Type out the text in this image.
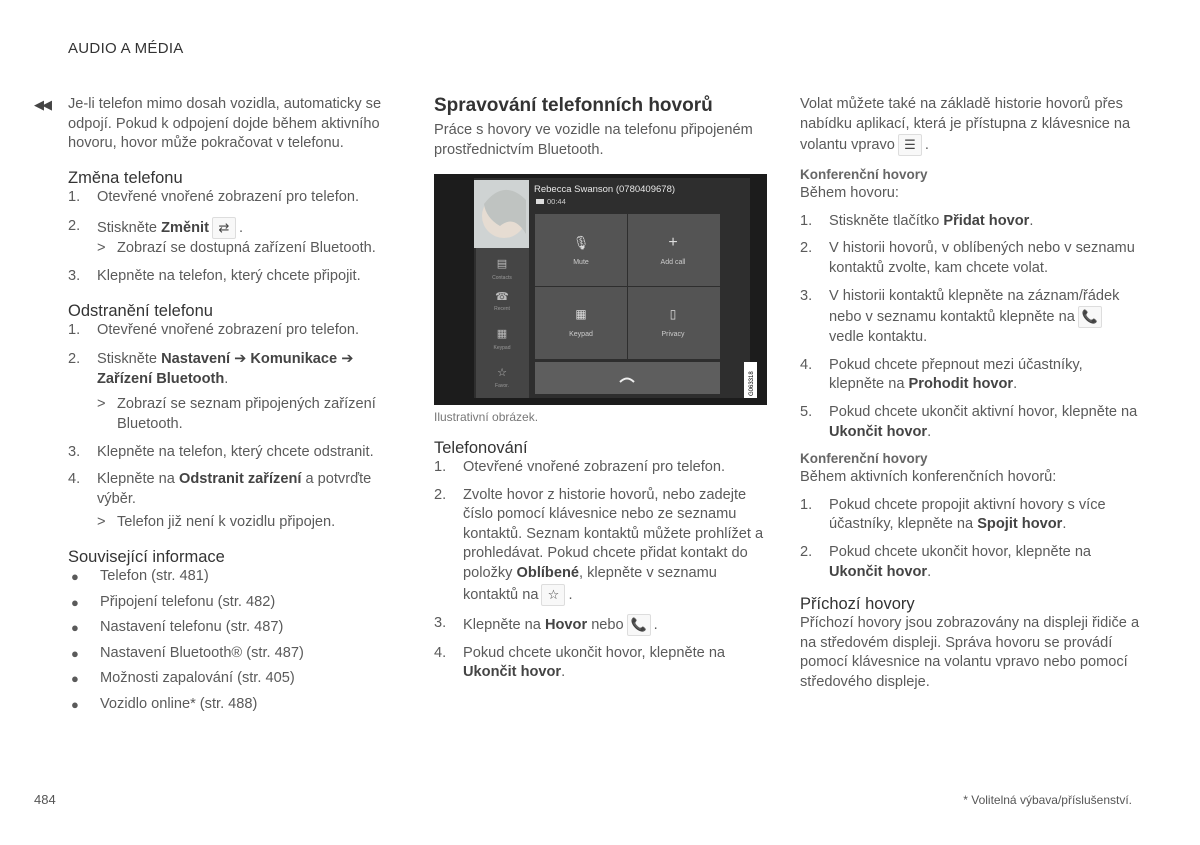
AUDIO A MÉDIA
◀◀	Je-li telefon mimo dosah vozidla, automaticky se odpojí. Pokud k odpojení dojde během aktivního hovoru, hovor může pokračovat v telefonu.

Změna telefonu

1.	Otevřené vnořené zobrazení pro telefon.
2.	Stiskněte Změnit ⇄ .
> Zobrazí se dostupná zařízení Bluetooth.
3.	Klepněte na telefon, který chcete připojit.

Odstranění telefonu

1.	Otevřené vnořené zobrazení pro telefon.
2.	Stiskněte Nastavení ➔ Komunikace ➔ Zařízení Bluetooth.
> Zobrazí se seznam připojených zařízení Bluetooth.
3.	Klepněte na telefon, který chcete odstranit.
4.	Klepněte na Odstranit zařízení a potvrďte výběr.
> Telefon již není k vozidlu připojen.

Související informace

●	Telefon (str. 481)
●	Připojení telefonu (str. 482)
●	Nastavení telefonu (str. 487)
●	Nastavení Bluetooth® (str. 487)
●	Možnosti zapalování (str. 405)
●	Vozidlo online* (str. 488)

Spravování telefonních hovorů

Práce s hovory ve vozidle na telefonu připojeném prostřednictvím Bluetooth.

▤
Contacts
☎
Recent
▦
Keypad
☆
Favor.
Rebecca Swanson (0780409678)
00:44
🎙
Mute
+
Add call
▦
Keypad
▯
Privacy
G063318
Ilustrativní obrázek.

Telefonování

1.	Otevřené vnořené zobrazení pro telefon.
2.	Zvolte hovor z historie hovorů, nebo zadejte číslo pomocí klávesnice nebo ze seznamu kontaktů. Seznam kontaktů můžete prohlížet a prohledávat. Pokud chcete přidat kontakt do položky Oblíbené, klepněte v seznamu kontaktů na ☆ .
3.	Klepněte na Hovor nebo 📞 .
4.	Pokud chcete ukončit hovor, klepněte na Ukončit hovor.

Volat můžete také na základě historie hovorů přes nabídku aplikací, která je přístupna z klávesnice na volantu vpravo ☰ .

Konferenční hovory

Během hovoru:

1.	Stiskněte tlačítko Přidat hovor.
2.	V historii hovorů, v oblíbených nebo v seznamu kontaktů zvolte, kam chcete volat.
3.	V historii kontaktů klepněte na záznam/řádek nebo v seznamu kontaktů klepněte na 📞 vedle kontaktu.
4.	Pokud chcete přepnout mezi účastníky, klepněte na Prohodit hovor.
5.	Pokud chcete ukončit aktivní hovor, klepněte na Ukončit hovor.

Konferenční hovory

Během aktivních konferenčních hovorů:

1.	Pokud chcete propojit aktivní hovory s více účastníky, klepněte na Spojit hovor.
2.	Pokud chcete ukončit hovor, klepněte na Ukončit hovor.

Příchozí hovory

Příchozí hovory jsou zobrazovány na displeji řidiče a na středovém displeji. Správa hovoru se provádí pomocí klávesnice na volantu vpravo nebo pomocí středového displeje.

484	* Volitelná výbava/příslušenství.
